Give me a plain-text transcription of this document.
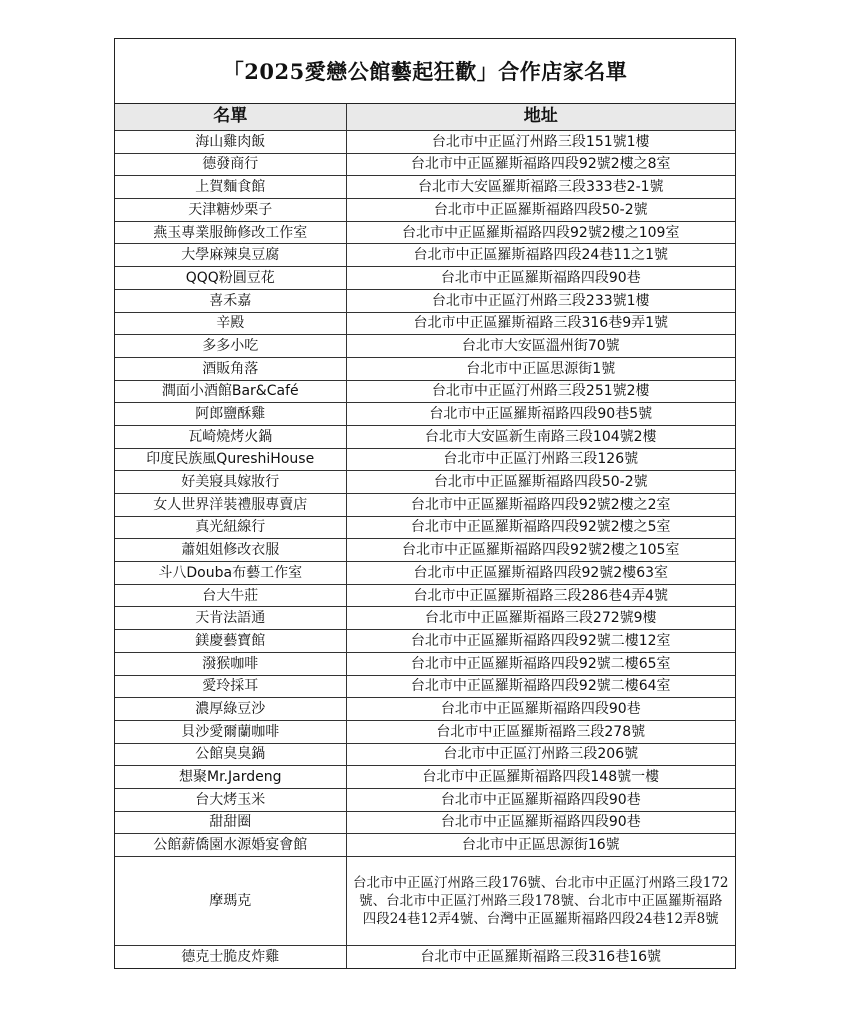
「2025愛戀公館藝起狂歡」合作店家名單
名單	地址
海山雞肉飯	台北市中正區汀州路三段151號1樓
德發商行	台北市中正區羅斯福路四段92號2樓之8室
上賀麵食館	台北市大安區羅斯福路三段333巷2-1號
天津糖炒栗子	台北市中正區羅斯福路四段50-2號
燕玉專業服飾修改工作室	台北市中正區羅斯福路四段92號2樓之109室
大學麻辣臭豆腐	台北市中正區羅斯福路四段24巷11之1號
QQQ粉圓豆花	台北市中正區羅斯福路四段90巷
喜禾嘉	台北市中正區汀州路三段233號1樓
辛殿	台北市中正區羅斯福路三段316巷9弄1號
多多小吃	台北市大安區溫州街70號
酒販角落	台北市中正區思源街1號
澗面小酒館Bar&Café	台北市中正區汀州路三段251號2樓
阿郎鹽酥雞	台北市中正區羅斯福路四段90巷5號
瓦崎燒烤火鍋	台北市大安區新生南路三段104號2樓
印度民族風QureshiHouse	台北市中正區汀州路三段126號
好美寢具嫁妝行	台北市中正區羅斯福路四段50-2號
女人世界洋裝禮服專賣店	台北市中正區羅斯福路四段92號2樓之2室
真光紐線行	台北市中正區羅斯福路四段92號2樓之5室
蕭姐姐修改衣服	台北市中正區羅斯福路四段92號2樓之105室
斗八Douba布藝工作室	台北市中正區羅斯福路四段92號2樓63室
台大牛莊	台北市中正區羅斯福路三段286巷4弄4號
天肯法語通	台北市中正區羅斯福路三段272號9樓
鎂慶藝寶館	台北市中正區羅斯福路四段92號二樓12室
潑猴咖啡	台北市中正區羅斯福路四段92號二樓65室
愛玲採耳	台北市中正區羅斯福路四段92號二樓64室
濃厚綠豆沙	台北市中正區羅斯福路四段90巷
貝沙愛爾蘭咖啡	台北市中正區羅斯福路三段278號
公館臭臭鍋	台北市中正區汀州路三段206號
想聚Mr.Jardeng	台北市中正區羅斯福路四段148號一樓
台大烤玉米	台北市中正區羅斯福路四段90巷
甜甜圈	台北市中正區羅斯福路四段90巷
公館薪僑園水源婚宴會館	台北市中正區思源街16號
摩瑪克	台北市中正區汀州路三段176號、台北市中正區汀州路三段172號、台北市中正區汀州路三段178號、台北市中正區羅斯福路四段24巷12弄4號、台灣中正區羅斯福路四段24巷12弄8號
德克士脆皮炸雞	台北市中正區羅斯福路三段316巷16號
